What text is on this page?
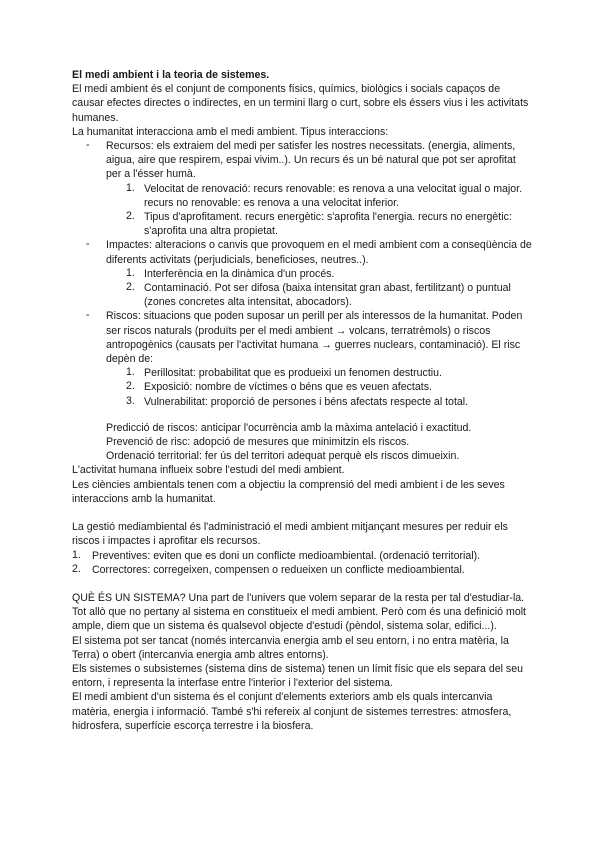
El medi ambient i la teoria de sistemes.

El medi ambient és el conjunt de components físics, químics, biològics i socials capaços de causar efectes directes o indirectes, en un termini llarg o curt, sobre els éssers vius i les activitats humanes.

La humanitat interacciona amb el medi ambient. Tipus interaccions:

- Recursos: els extraiem del medi per satisfer les nostres necessitats. (energia, aliments, aigua, aire que respirem, espai vivim..). Un recurs és un bé natural que pot ser aprofitat per a l'ésser humà.

1. Velocitat de renovació: recurs renovable: es renova a una velocitat igual o major. recurs no renovable: es renova a una velocitat inferior.

2. Tipus d'aprofitament. recurs energètic: s'aprofita l'energia. recurs no energètic: s'aprofita una altra propietat.

- Impactes: alteracions o canvis que provoquem en el medi ambient com a conseqüència de diferents activitats (perjudicials, beneficioses, neutres..).

1. Interferència en la dinàmica d'un procés.

2. Contaminació. Pot ser difosa (baixa intensitat gran abast, fertilitzant) o puntual (zones concretes alta intensitat, abocadors).

- Riscos: situacions que poden suposar un perill per als interessos de la humanitat. Poden ser riscos naturals (produïts per el medi ambient → volcans, terratrèmols) o riscos antropogènics (causats per l'activitat humana → guerres nuclears, contaminació). El risc depèn de:

1. Perillositat: probabilitat que es produeixi un fenomen destructiu.

2. Exposició: nombre de víctimes o béns que es veuen afectats.

3. Vulnerabilitat: proporció de persones i béns afectats respecte al total.

Predicció de riscos: anticipar l'ocurrència amb la màxima antelació i exactitud.

Prevenció de risc: adopció de mesures que minimitzin els riscos.

Ordenació territorial: fer ús del territori adequat perquè els riscos dimueixin.

L'activitat humana influeix sobre l'estudi del medi ambient.

Les ciències ambientals tenen com a objectiu la comprensió del medi ambient i de les seves interaccions amb la humanitat.

La gestió mediambiental és l'administració el medi ambient mitjançant mesures per reduir els riscos i impactes i aprofitar els recursos.

1. Preventives: eviten que es doni un conflicte medioambiental. (ordenació territorial).

2. Correctores: corregeixen, compensen o redueixen un conflicte medioambiental.

QUÈ ÉS UN SISTEMA? Una part de l'univers que volem separar de la resta per tal d'estudiar-la. Tot allò que no pertany al sistema en constitueix el medi ambient. Però com és una definició molt ample, diem que un sistema és qualsevol objecte d'estudi (pèndol, sistema solar, edifici...).

El sistema pot ser tancat (només intercanvia energia amb el seu entorn, i no entra matèria, la Terra) o obert (intercanvia energia amb altres entorns).

Els sistemes o subsistemes (sistema dins de sistema) tenen un límit físic que els separa del seu entorn, i representa la interfase entre l'interior i l'exterior del sistema.

El medi ambient d'un sistema és el conjunt d'elements exteriors amb els quals intercanvia matèria, energia i informació. També s'hi refereix al conjunt de sistemes terrestres: atmosfera, hidrosfera, superfície escorça terrestre i la biosfera.
